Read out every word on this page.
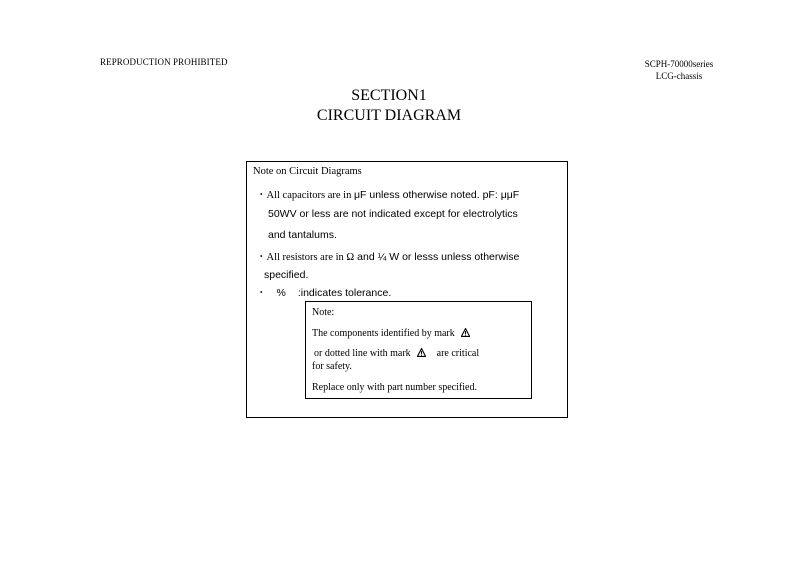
REPRODUCTION PROHIBITED	SCPH-70000series
LCG-chassis
SECTION1
CIRCUIT DIAGRAM
Note on Circuit Diagrams
・All capacitors are in μF unless otherwise noted. pF: μμF
50WV or less are not indicated except for electrolytics
and tantalums.
・All resistors are in Ω and ¼ W or lesss unless otherwise
specified.
・ % :indicates tolerance.
Note:
The components identified by mark
or dotted line with mark	are critical
for safety.
Replace only with part number specified.
